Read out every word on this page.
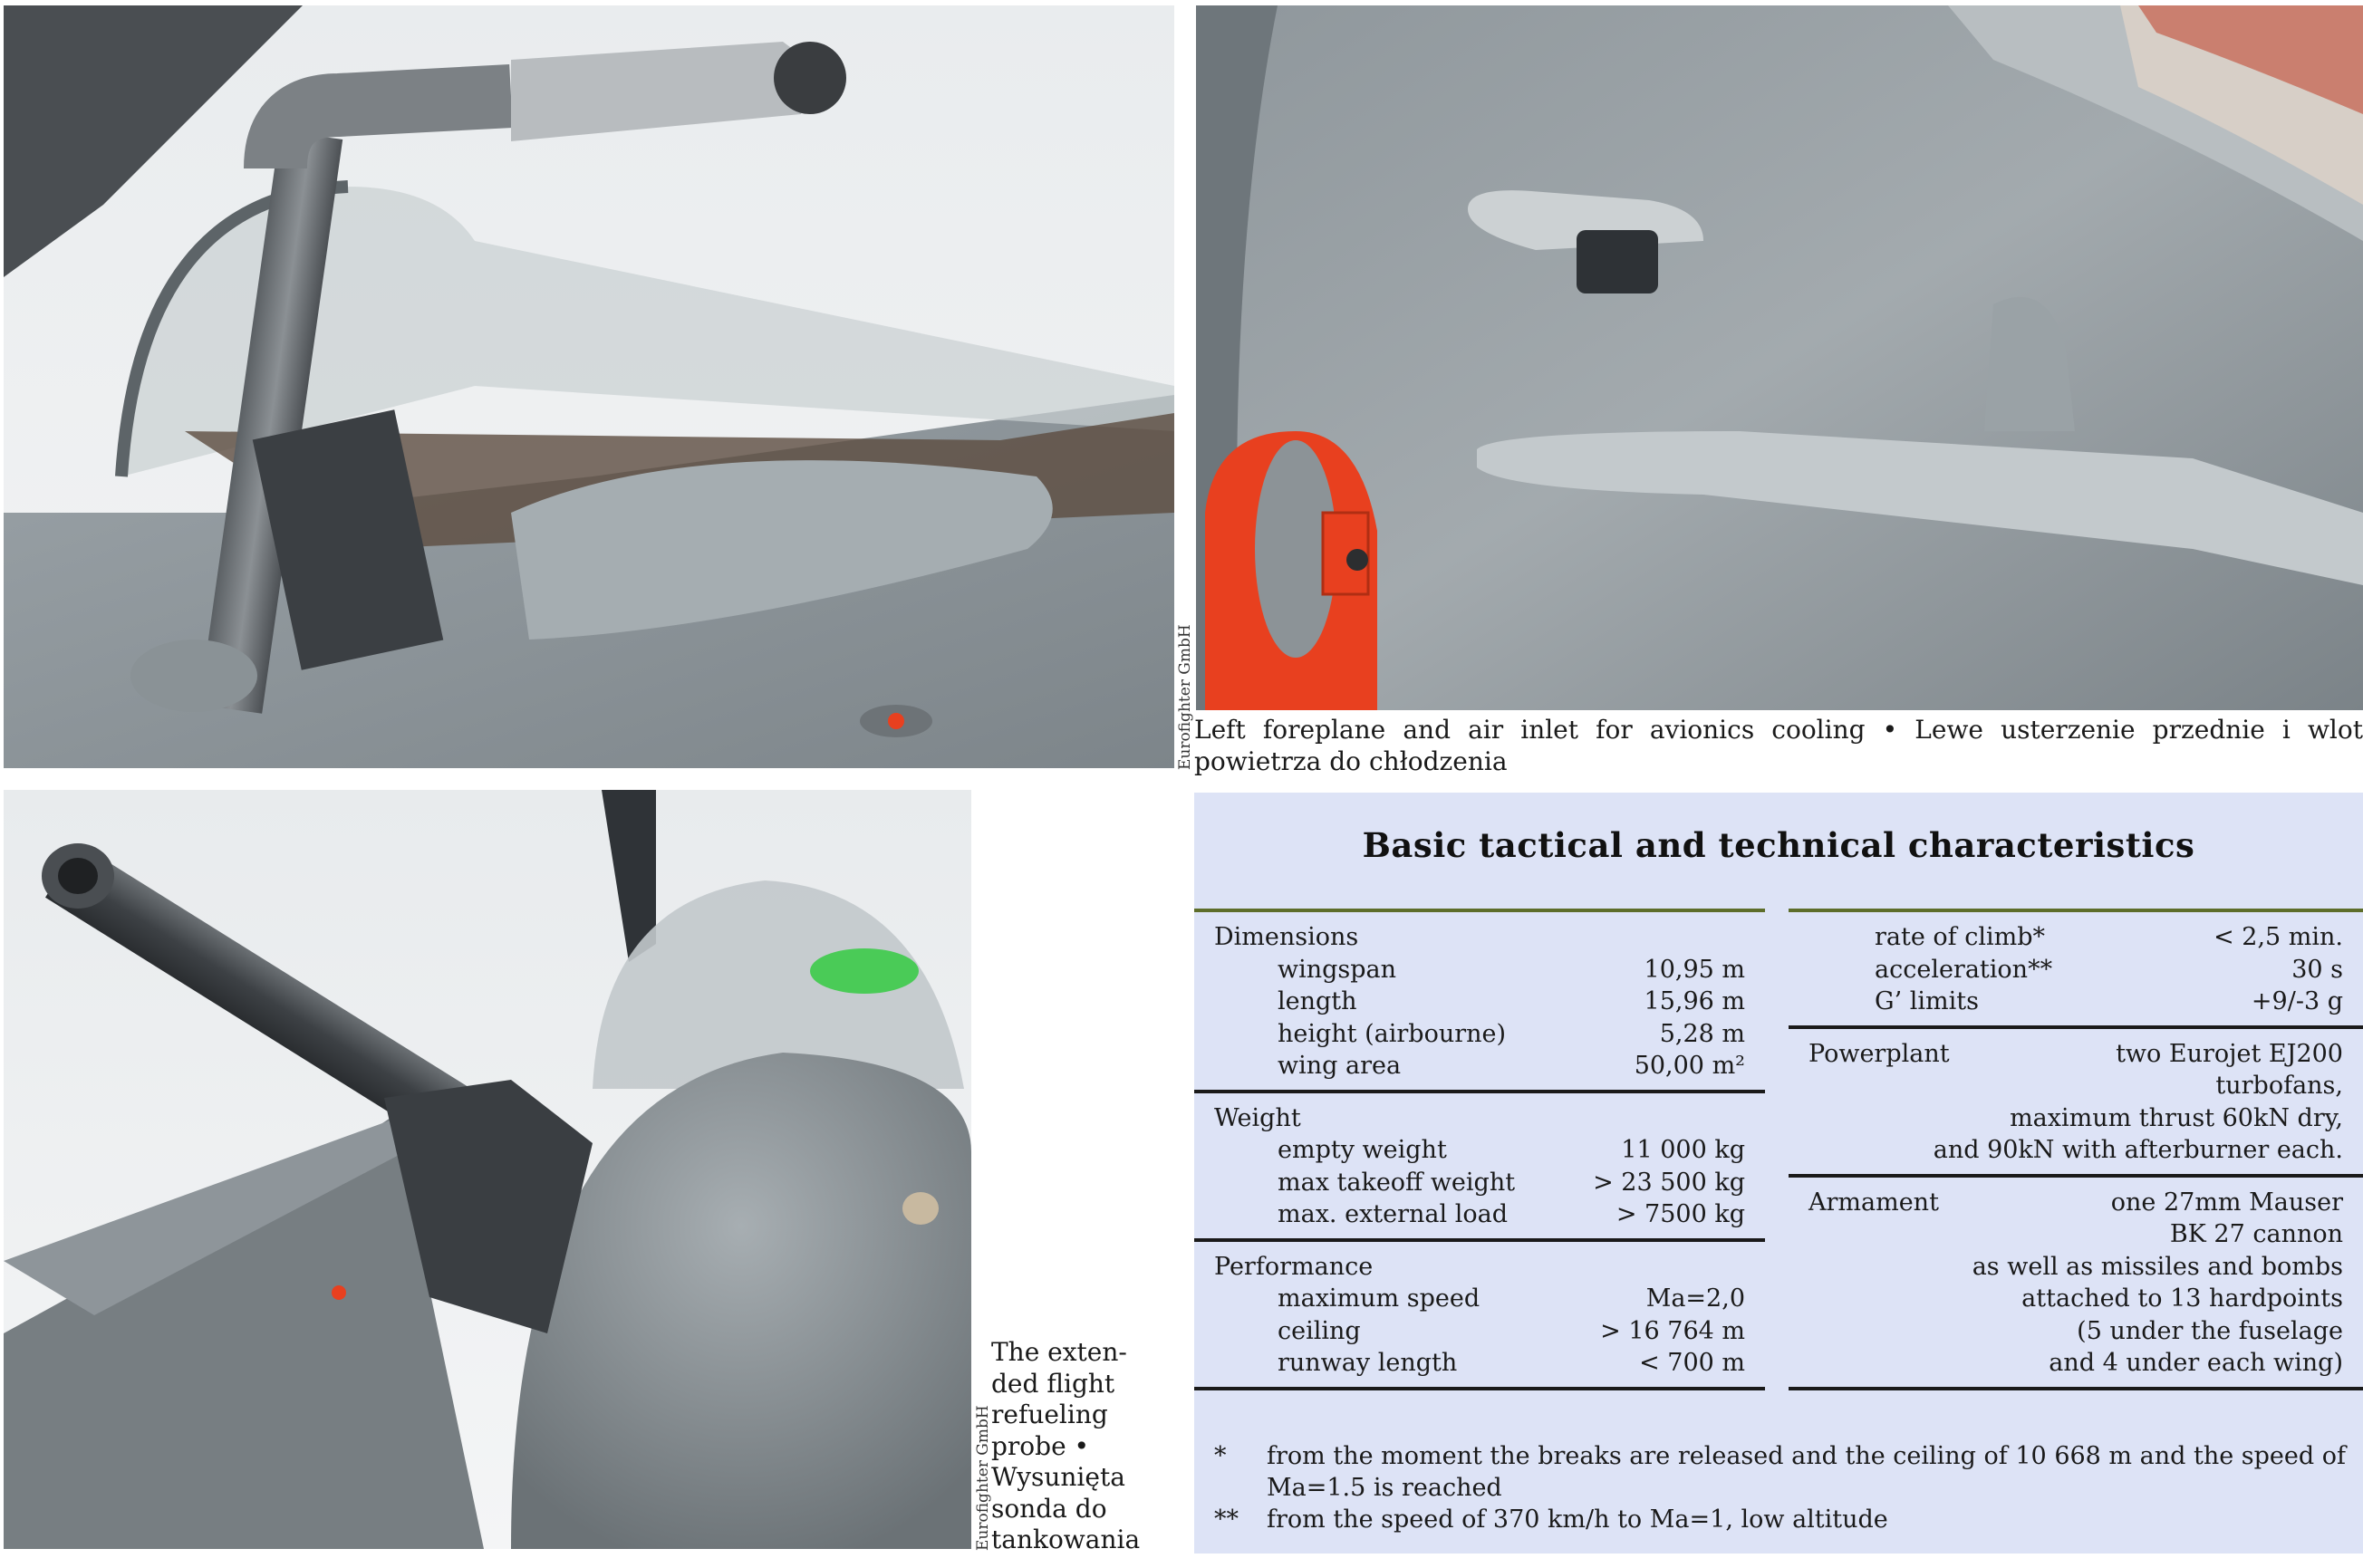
Eurofighter GmbH Left foreplane and air inlet for avionics cooling • Lewe usterzenie przednie i wlot powietrza do chłodzenia
Eurofighter GmbH
The exten-
ded flight
refueling
probe •
Wysunięta
sonda do
tankowania
Basic tactical and technical characteristics
Dimensions
wingspan	10,95 m
length	15,96 m
height (airbourne)	5,28 m
wing area	50,00 m²
Weight
empty weight	11 000 kg
max takeoff weight	> 23 500 kg
max. external load	> 7500 kg
Performance
maximum speed	Ma=2,0
ceiling	> 16 764 m
runway length	< 700 m
rate of climb*	< 2,5 min.
acceleration**	30 s
G’ limits	+9/-3 g
Powerplant	two Eurojet EJ200
turbofans,
maximum thrust 60kN dry,
and 90kN with afterburner each.
Armament	one 27mm Mauser
BK 27 cannon
as well as missiles and bombs
attached to 13 hardpoints
(5 under the fuselage
and 4 under each wing)
*	from the moment the breaks are released and the ceiling of 10 668 m and the speed of Ma=1.5 is reached
**	from the speed of 370 km/h to Ma=1, low altitude
